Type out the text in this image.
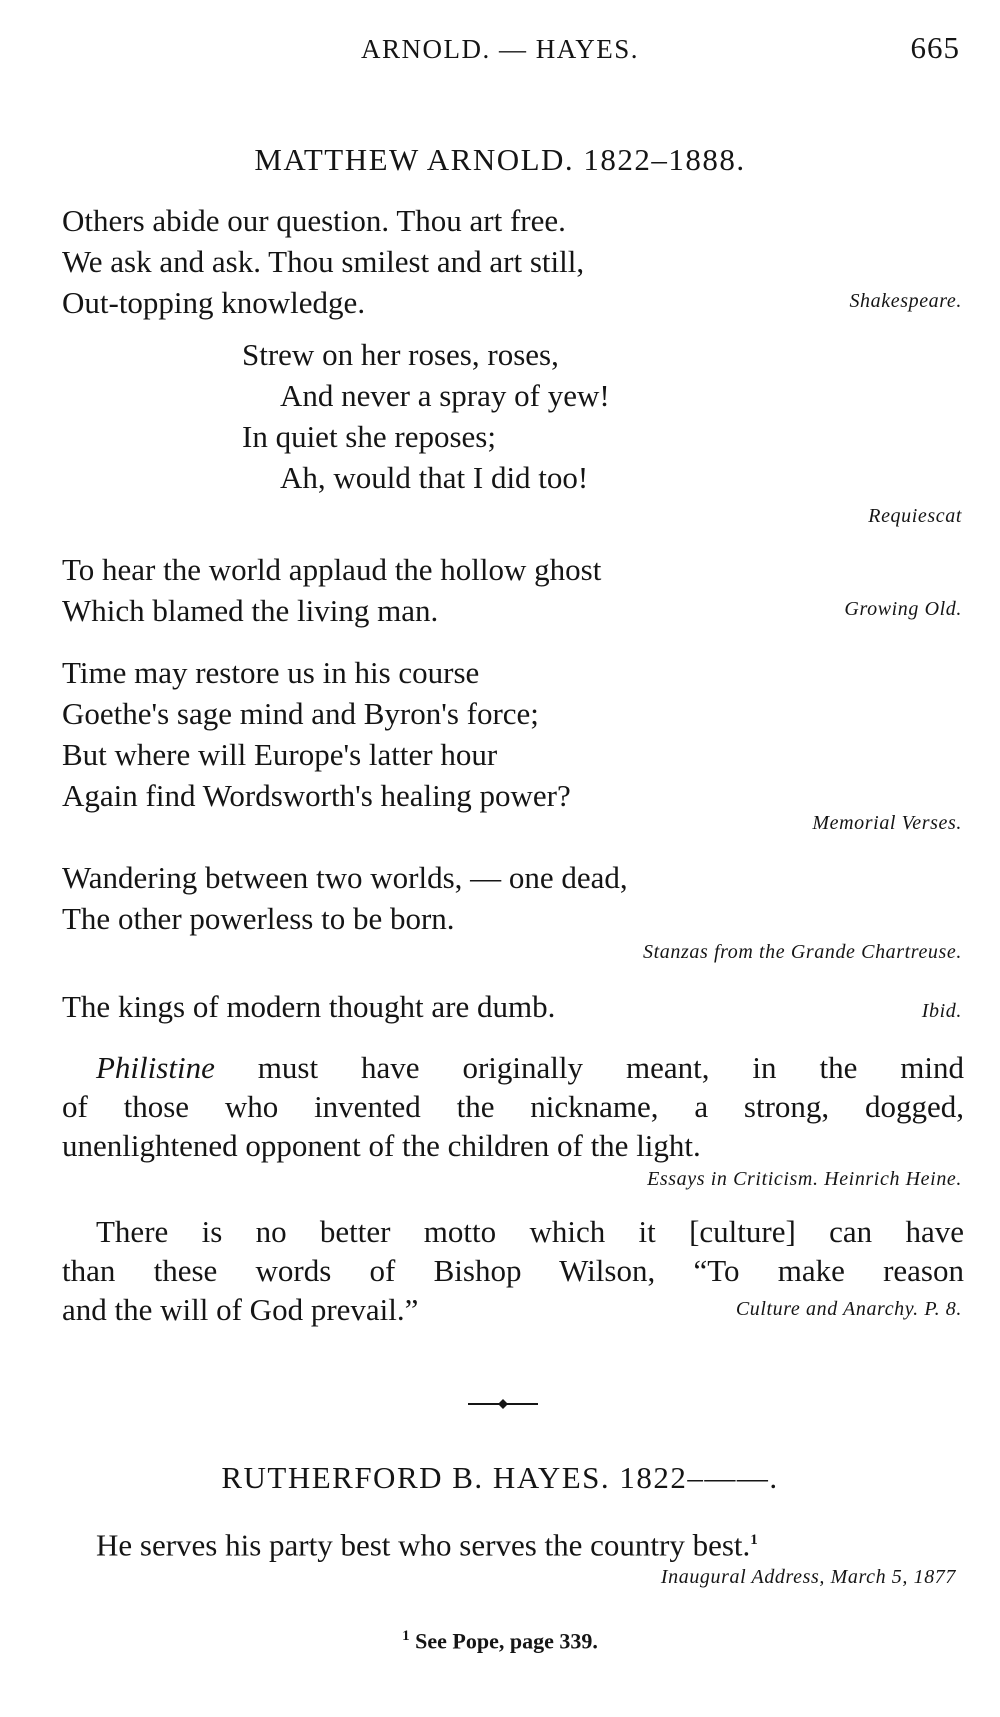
ARNOLD. — HAYES.	665
MATTHEW ARNOLD. 1822–1888.
Others abide our question. Thou art free.
We ask and ask. Thou smilest and art still,
Out-topping knowledge.	Shakespeare.
Strew on her roses, roses,
And never a spray of yew!
In quiet she reposes;
Ah, would that I did too!
Requiescat
To hear the world applaud the hollow ghost
Which blamed the living man.	Growing Old.
Time may restore us in his course
Goethe's sage mind and Byron's force;
But where will Europe's latter hour
Again find Wordsworth's healing power?
Memorial Verses.
Wandering between two worlds, — one dead,
The other powerless to be born.
Stanzas from the Grande Chartreuse.
The kings of modern thought are dumb.	Ibid.
Philistine must have originally meant, in the mind
of those who invented the nickname, a strong, dogged,
unenlightened opponent of the children of the light.
Essays in Criticism. Heinrich Heine.
There is no better motto which it [culture] can have
than these words of Bishop Wilson, “To make reason
and the will of God prevail.”	Culture and Anarchy. P. 8.
RUTHERFORD B. HAYES. 1822–——.
He serves his party best who serves the country best.$^1$
Inaugural Address, March 5, 1877
$^1$ See Pope, page 339.
